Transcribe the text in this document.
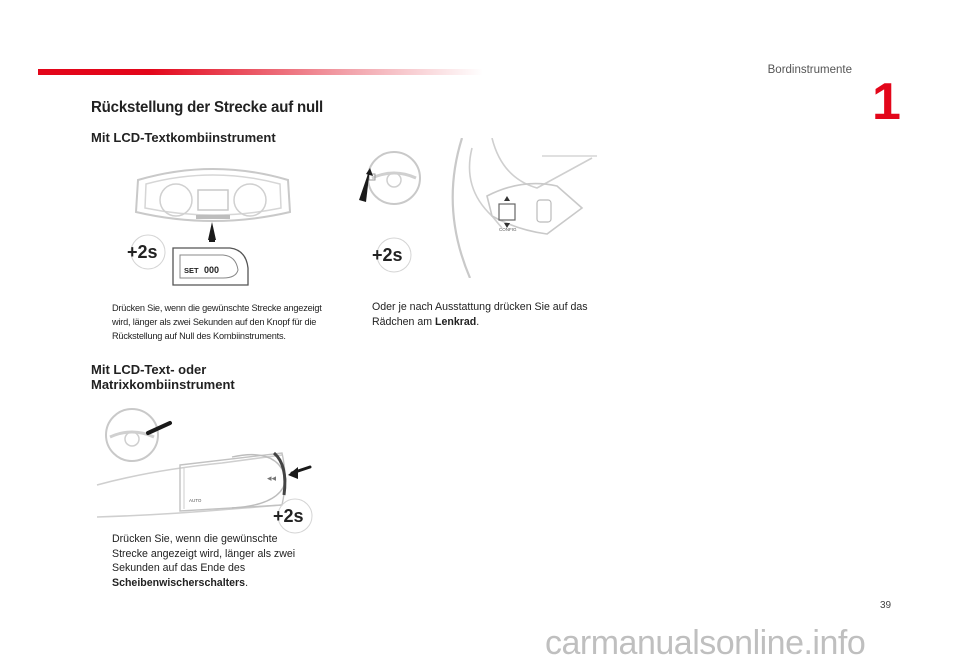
Bordinstrumente
1
Rückstellung der Strecke auf null
Mit LCD-Textkombiinstrument
SET 000
+2s
Drücken Sie, wenn die gewünschte Strecke angezeigt wird, länger als zwei Sekunden auf den Knopf für die Rückstellung auf Null des Kombiinstruments.
CONFIG
+2s
Oder je nach Ausstattung drücken Sie auf das Rädchen am Lenkrad.
Mit LCD-Text- oder
Matrixkombiinstrument
◂◂
AUTO
+2s
Drücken Sie, wenn die gewünschte Strecke angezeigt wird, länger als zwei Sekunden auf das Ende des Scheibenwischerschalters.
39
carmanualsonline.info
